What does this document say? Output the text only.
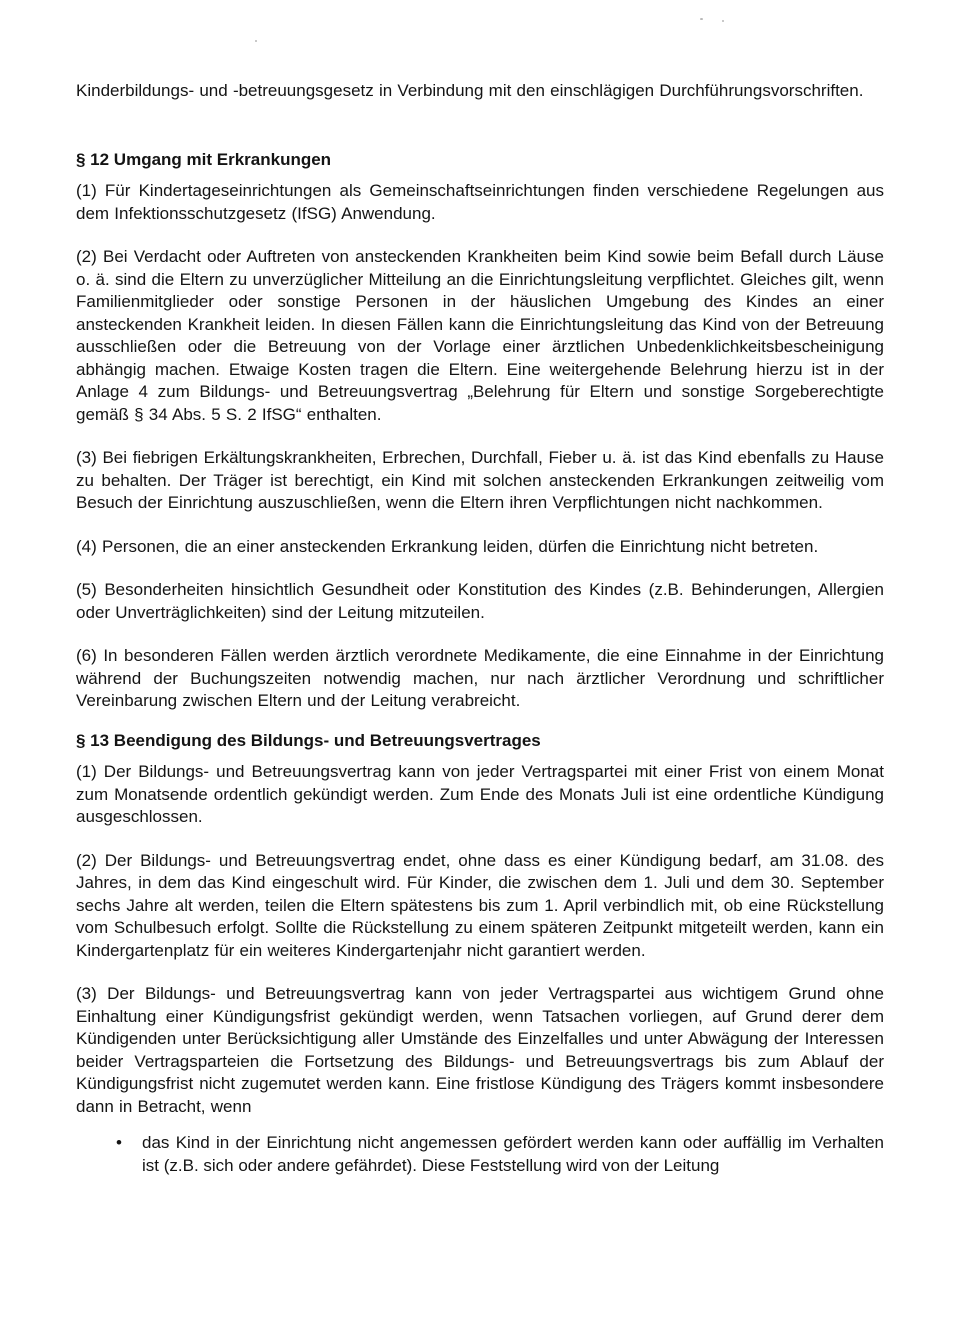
Kinderbildungs- und -betreuungsgesetz in Verbindung mit den einschlägigen Durchführungsvorschriften.

§ 12 Umgang mit Erkrankungen

(1) Für Kindertageseinrichtungen als Gemeinschaftseinrichtungen finden verschiedene Regelungen aus dem Infektionsschutzgesetz (IfSG) Anwendung.

(2) Bei Verdacht oder Auftreten von ansteckenden Krankheiten beim Kind sowie beim Befall durch Läuse o. ä. sind die Eltern zu unverzüglicher Mitteilung an die Einrichtungsleitung verpflichtet. Gleiches gilt, wenn Familienmitglieder oder sonstige Personen in der häuslichen Umgebung des Kindes an einer ansteckenden Krankheit leiden. In diesen Fällen kann die Einrichtungsleitung das Kind von der Betreuung ausschließen oder die Betreuung von der Vorlage einer ärztlichen Unbedenklichkeitsbescheinigung abhängig machen. Etwaige Kosten tragen die Eltern. Eine weitergehende Belehrung hierzu ist in der Anlage 4 zum Bildungs- und Betreuungsvertrag „Belehrung für Eltern und sonstige Sorgeberechtigte gemäß § 34 Abs. 5 S. 2 IfSG“ enthalten.

(3) Bei fiebrigen Erkältungskrankheiten, Erbrechen, Durchfall, Fieber u. ä. ist das Kind ebenfalls zu Hause zu behalten. Der Träger ist berechtigt, ein Kind mit solchen ansteckenden Erkrankungen zeitweilig vom Besuch der Einrichtung auszuschließen, wenn die Eltern ihren Verpflichtungen nicht nachkommen.

(4) Personen, die an einer ansteckenden Erkrankung leiden, dürfen die Einrichtung nicht betreten.

(5) Besonderheiten hinsichtlich Gesundheit oder Konstitution des Kindes (z.B. Behinderungen, Allergien oder Unverträglichkeiten) sind der Leitung mitzuteilen.

(6) In besonderen Fällen werden ärztlich verordnete Medikamente, die eine Einnahme in der Einrichtung während der Buchungszeiten notwendig machen, nur nach ärztlicher Verordnung und schriftlicher Vereinbarung zwischen Eltern und der Leitung verabreicht.

§ 13 Beendigung des Bildungs- und Betreuungsvertrages

(1) Der Bildungs- und Betreuungsvertrag kann von jeder Vertragspartei mit einer Frist von einem Monat zum Monatsende ordentlich gekündigt werden. Zum Ende des Monats Juli ist eine ordentliche Kündigung ausgeschlossen.

(2) Der Bildungs- und Betreuungsvertrag endet, ohne dass es einer Kündigung bedarf, am 31.08. des Jahres, in dem das Kind eingeschult wird. Für Kinder, die zwischen dem 1. Juli und dem 30. September sechs Jahre alt werden, teilen die Eltern spätestens bis zum 1. April verbindlich mit, ob eine Rückstellung vom Schulbesuch erfolgt. Sollte die Rückstellung zu einem späteren Zeitpunkt mitgeteilt werden, kann ein Kindergartenplatz für ein weiteres Kindergartenjahr nicht garantiert werden.

(3) Der Bildungs- und Betreuungsvertrag kann von jeder Vertragspartei aus wichtigem Grund ohne Einhaltung einer Kündigungsfrist gekündigt werden, wenn Tatsachen vorliegen, auf Grund derer dem Kündigenden unter Berücksichtigung aller Umstände des Einzelfalles und unter Abwägung der Interessen beider Vertragsparteien die Fortsetzung des Bildungs- und Betreuungsvertrags bis zum Ablauf der Kündigungsfrist nicht zugemutet werden kann. Eine fristlose Kündigung des Trägers kommt insbesondere dann in Betracht, wenn

• das Kind in der Einrichtung nicht angemessen gefördert werden kann oder auffällig im Verhalten ist (z.B. sich oder andere gefährdet). Diese Feststellung wird von der Leitung
